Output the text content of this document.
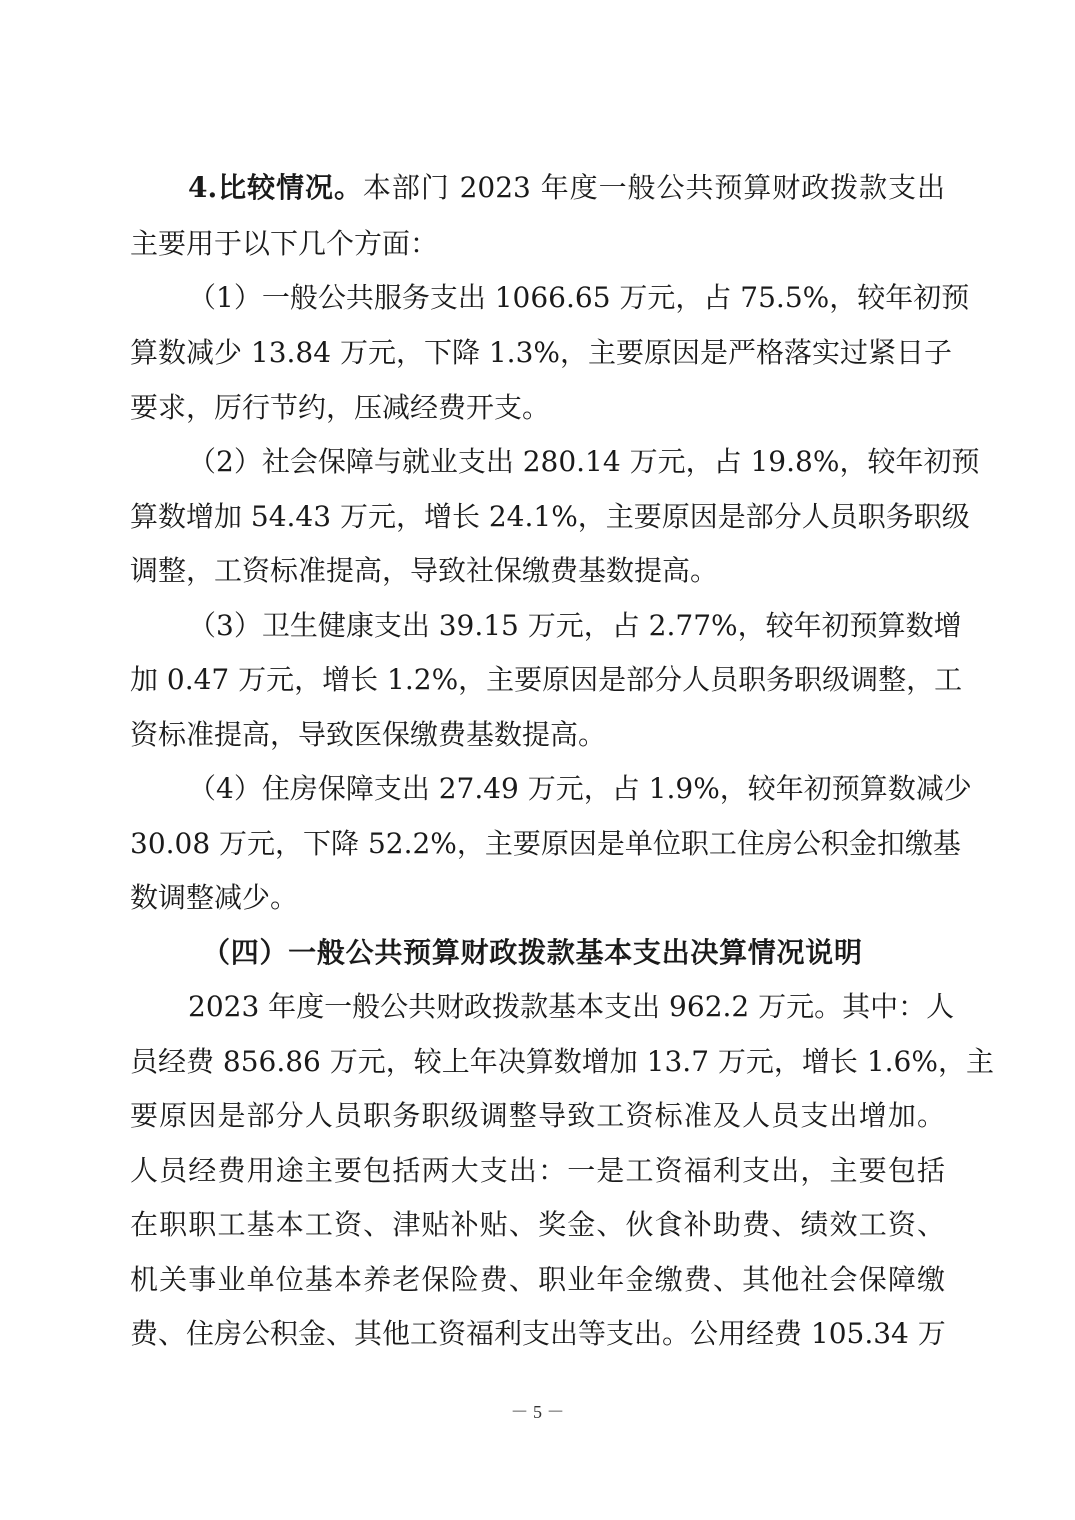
4.比较情况。本部门 2023 年度一般公共预算财政拨款支出
主要用于以下几个方面：
（1）一般公共服务支出 1066.65 万元，占 75.5%，较年初预
算数减少 13.84 万元，下降 1.3%，主要原因是严格落实过紧日子
要求，厉行节约，压减经费开支。
（2）社会保障与就业支出 280.14 万元，占 19.8%，较年初预
算数增加 54.43 万元，增长 24.1%，主要原因是部分人员职务职级
调整，工资标准提高，导致社保缴费基数提高。
（3）卫生健康支出 39.15 万元，占 2.77%，较年初预算数增
加 0.47 万元，增长 1.2%，主要原因是部分人员职务职级调整，工
资标准提高，导致医保缴费基数提高。
（4）住房保障支出 27.49 万元，占 1.9%，较年初预算数减少
30.08 万元，下降 52.2%，主要原因是单位职工住房公积金扣缴基
数调整减少。
（四）一般公共预算财政拨款基本支出决算情况说明
2023 年度一般公共财政拨款基本支出 962.2 万元。其中：人
员经费 856.86 万元，较上年决算数增加 13.7 万元，增长 1.6%，主
要原因是部分人员职务职级调整导致工资标准及人员支出增加。
人员经费用途主要包括两大支出：一是工资福利支出，主要包括
在职职工基本工资、津贴补贴、奖金、伙食补助费、绩效工资、
机关事业单位基本养老保险费、职业年金缴费、其他社会保障缴
费、住房公积金、其他工资福利支出等支出。公用经费 105.34 万
－ 5 －
